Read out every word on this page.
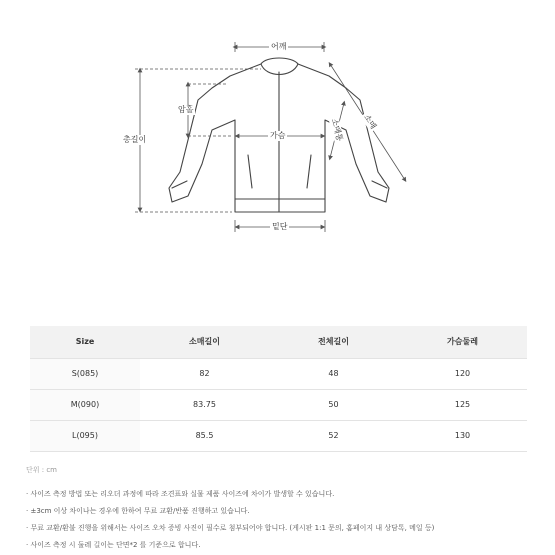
어깨
암홀
총길이	가슴	소매통 소매
밑단
Size	소매길이	전체길이	가슴둘레
S(085)	82	48	120
M(090)	83.75	50	125
L(095)	85.5	52	130
단위 : cm
· 사이즈 측정 방법 또는 리오더 과정에 따라 조견표와 실물 제품 사이즈에 차이가 발생할 수 있습니다.
· ±3cm 이상 차이나는 경우에 한하여 무료 교환/반품 진행하고 있습니다.
· 무료 교환/환불 진행을 위해서는 사이즈 오차 증빙 사진이 필수로 첨부되어야 합니다. (게시판 1:1 문의, 홈페이지 내 상담톡, 메일 등)
· 사이즈 측정 시 둘레 길이는 단면*2 를 기준으로 합니다.
